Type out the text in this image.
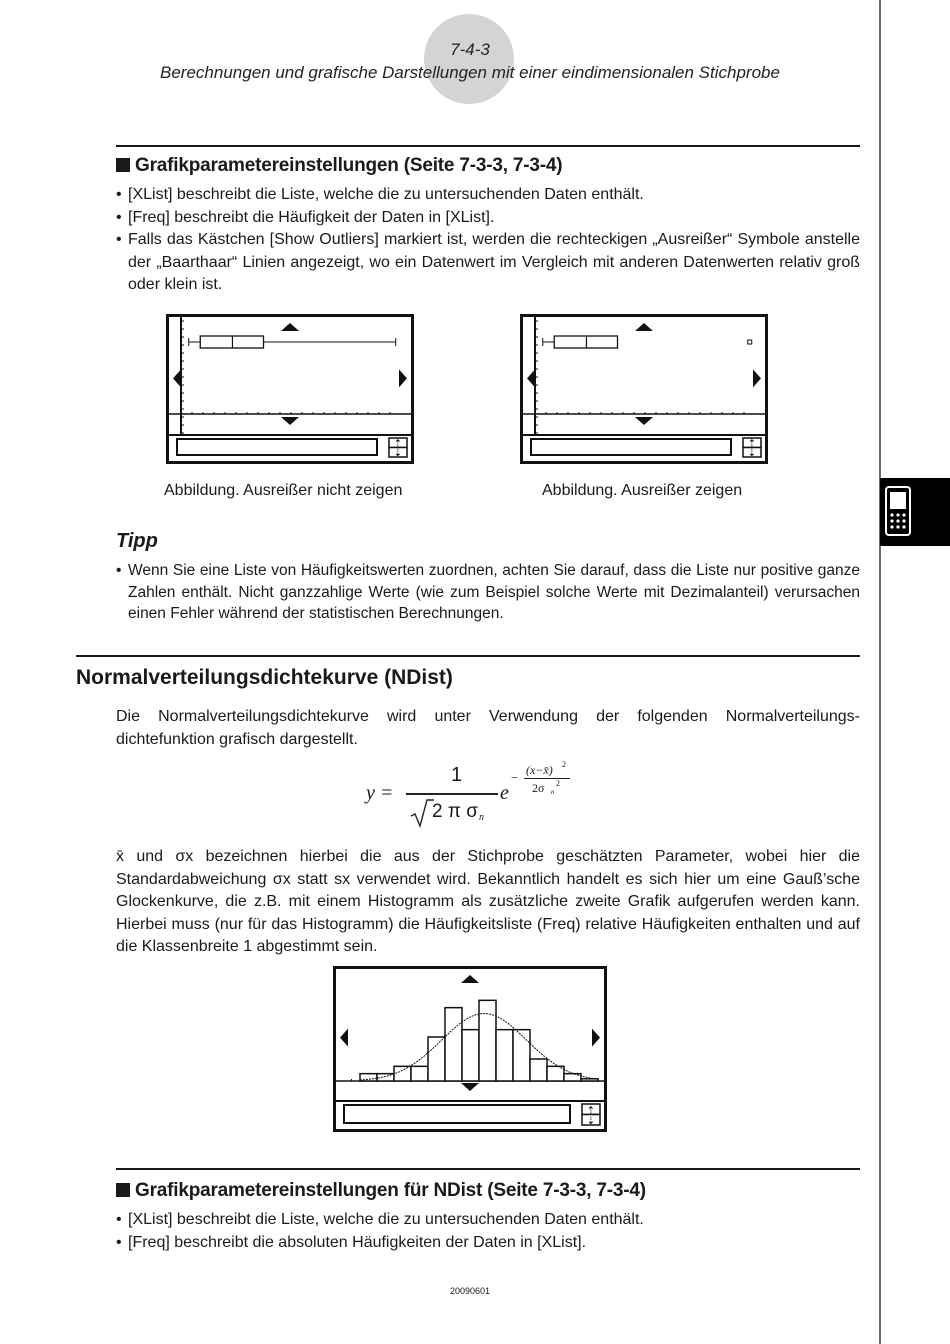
7-4-3
Berechnungen und grafische Darstellungen mit einer eindimensionalen Stichprobe
Grafikparametereinstellungen (Seite 7-3-3, 7-3-4)
• [XList] beschreibt die Liste, welche die zu untersuchenden Daten enthält.
• [Freq] beschreibt die Häufigkeit der Daten in [XList].
• Falls das Kästchen [Show Outliers] markiert ist, werden die rechteckigen „Ausreißer“ Symbole anstelle der „Baarthaar“ Linien angezeigt, wo ein Datenwert im Vergleich mit anderen Datenwerten relativ groß oder klein ist.
⇡
⇣
⇡
⇣
Abbildung. Ausreißer nicht zeigen	Abbildung. Ausreißer zeigen
Tipp
• Wenn Sie eine Liste von Häufigkeitswerten zuordnen, achten Sie darauf, dass die Liste nur positive ganze Zahlen enthält. Nicht ganzzahlige Werte (wie zum Beispiel solche Werte mit Dezimalanteil) verursachen einen Fehler während der statistischen Berechnungen.
Normalverteilungsdichtekurve (NDist)
Die Normalverteilungsdichtekurve wird unter Verwendung der folgenden Normalverteilungs-dichtefunktion grafisch dargestellt.
y =
1
2 π σ n
e
− (x−x̄) 2
2σ n
2
x̄ und σx bezeichnen hierbei die aus der Stichprobe geschätzten Parameter, wobei hier die Standardabweichung σx statt sx verwendet wird. Bekanntlich handelt es sich hier um eine Gauß’sche Glockenkurve, die z.B. mit einem Histogramm als zusätzliche zweite Grafik aufgerufen werden kann. Hierbei muss (nur für das Histogramm) die Häufigkeitsliste (Freq) relative Häufigkeiten enthalten und auf die Klassenbreite 1 abgestimmt sein.
⇡
⇣
Grafikparametereinstellungen für NDist (Seite 7-3-3, 7-3-4)
• [XList] beschreibt die Liste, welche die zu untersuchenden Daten enthält.
• [Freq] beschreibt die absoluten Häufigkeiten der Daten in [XList].
20090601
